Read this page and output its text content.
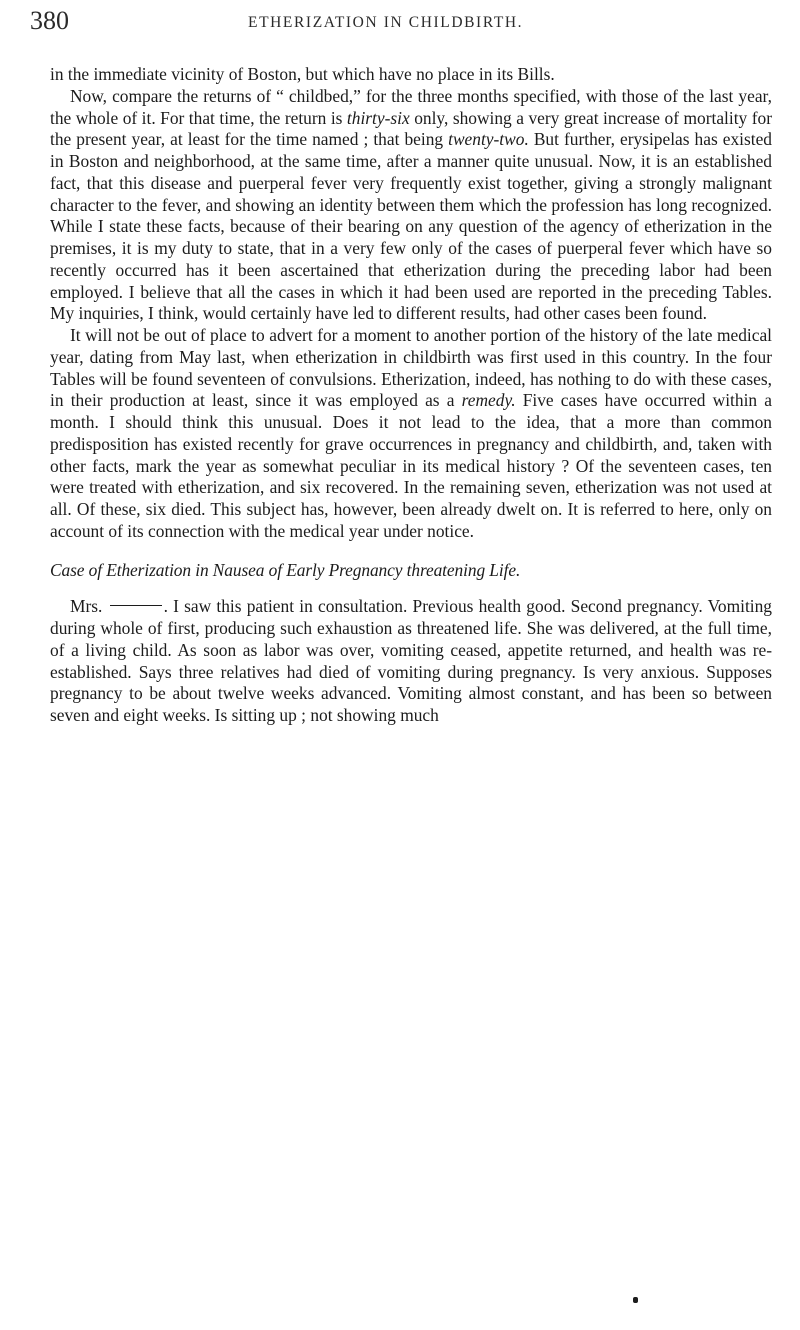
380	ETHERIZATION IN CHILDBIRTH.

in the immediate vicinity of Boston, but which have no place in its Bills.

Now, compare the returns of “ childbed,” for the three months specified, with those of the last year, the whole of it. For that time, the return is thirty-six only, showing a very great increase of mortality for the present year, at least for the time named ; that being twenty-two. But further, erysipelas has existed in Boston and neighborhood, at the same time, after a manner quite unusual. Now, it is an established fact, that this disease and puerperal fever very frequently exist together, giving a strongly malignant character to the fever, and showing an identity between them which the profession has long recognized. While I state these facts, because of their bearing on any question of the agency of etherization in the premises, it is my duty to state, that in a very few only of the cases of puerperal fever which have so recently occurred has it been ascertained that etherization during the preceding labor had been employed. I believe that all the cases in which it had been used are reported in the preceding Tables. My inquiries, I think, would certainly have led to different results, had other cases been found.

It will not be out of place to advert for a moment to another portion of the history of the late medical year, dating from May last, when etherization in childbirth was first used in this country. In the four Tables will be found seventeen of convulsions. Etherization, indeed, has nothing to do with these cases, in their production at least, since it was employed as a remedy. Five cases have occurred within a month. I should think this unusual. Does it not lead to the idea, that a more than common predisposition has existed recently for grave occurrences in pregnancy and childbirth, and, taken with other facts, mark the year as somewhat peculiar in its medical history ? Of the seventeen cases, ten were treated with etherization, and six recovered. In the remaining seven, etherization was not used at all. Of these, six died. This subject has, however, been already dwelt on. It is referred to here, only on account of its connection with the medical year under notice.

Case of Etherization in Nausea of Early Pregnancy threatening Life.

Mrs.	. I saw this patient in consultation. Previous health good. Second pregnancy. Vomiting during whole of first, producing such exhaustion as threatened life. She was delivered, at the full time, of a living child. As soon as labor was over, vomiting ceased, appetite returned, and health was re-established. Says three relatives had died of vomiting during pregnancy. Is very anxious. Supposes pregnancy to be about twelve weeks advanced. Vomiting almost constant, and has been so between seven and eight weeks. Is sitting up ; not showing much
